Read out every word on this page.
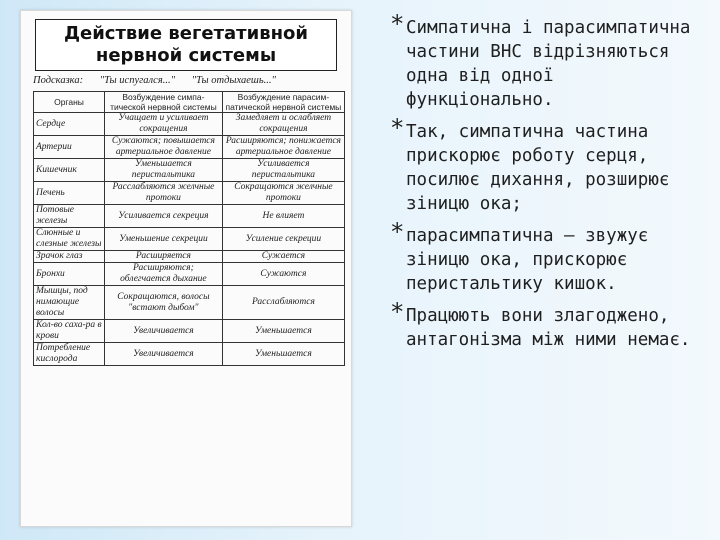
Действие вегетативной
нервной системы
Подсказка: "Ты испугался..." "Ты отдыхаешь..."
Органы	Возбуждение симпа-тической нервной системы	Возбуждение парасим-патической нервной системы
Сердце	Учащает и усиливает сокращения	Замедляет и ослабляет сокращения
Артерии	Сужаются; повышается артериальное давление	Расширяются; понижается артериальное давление
Кишечник	Уменьшается перистальтика	Усиливается перистальтика
Печень	Расслабляются желчные протоки	Сокращаются желчные протоки
Потовые железы	Усиливается секреция	Не влияет
Слюнные и слезные железы	Уменьшение секреции	Усиление секреции
Зрачок глаз	Расширяется	Сужается
Бронхи	Расширяются; облегчается дыхание	Сужаются
Мышцы, под нимающие волосы	Сокращаются, волосы "встают дыбом"	Расслабляются
Кол-во саха-ра в крови	Увеличивается	Уменьшается
Потребление кислорода	Увеличивается	Уменьшается
* Симпатична і парасимпатична частини ВНС відрізняються одна від одної функціонально.
* Так, симпатична частина прискорює роботу серця, посилює дихання, розширює зіницю ока;
* парасимпатична – звужує зіницю ока, прискорює перистальтику кишок.
* Працюють вони злагоджено, антагонізма між ними немає.
